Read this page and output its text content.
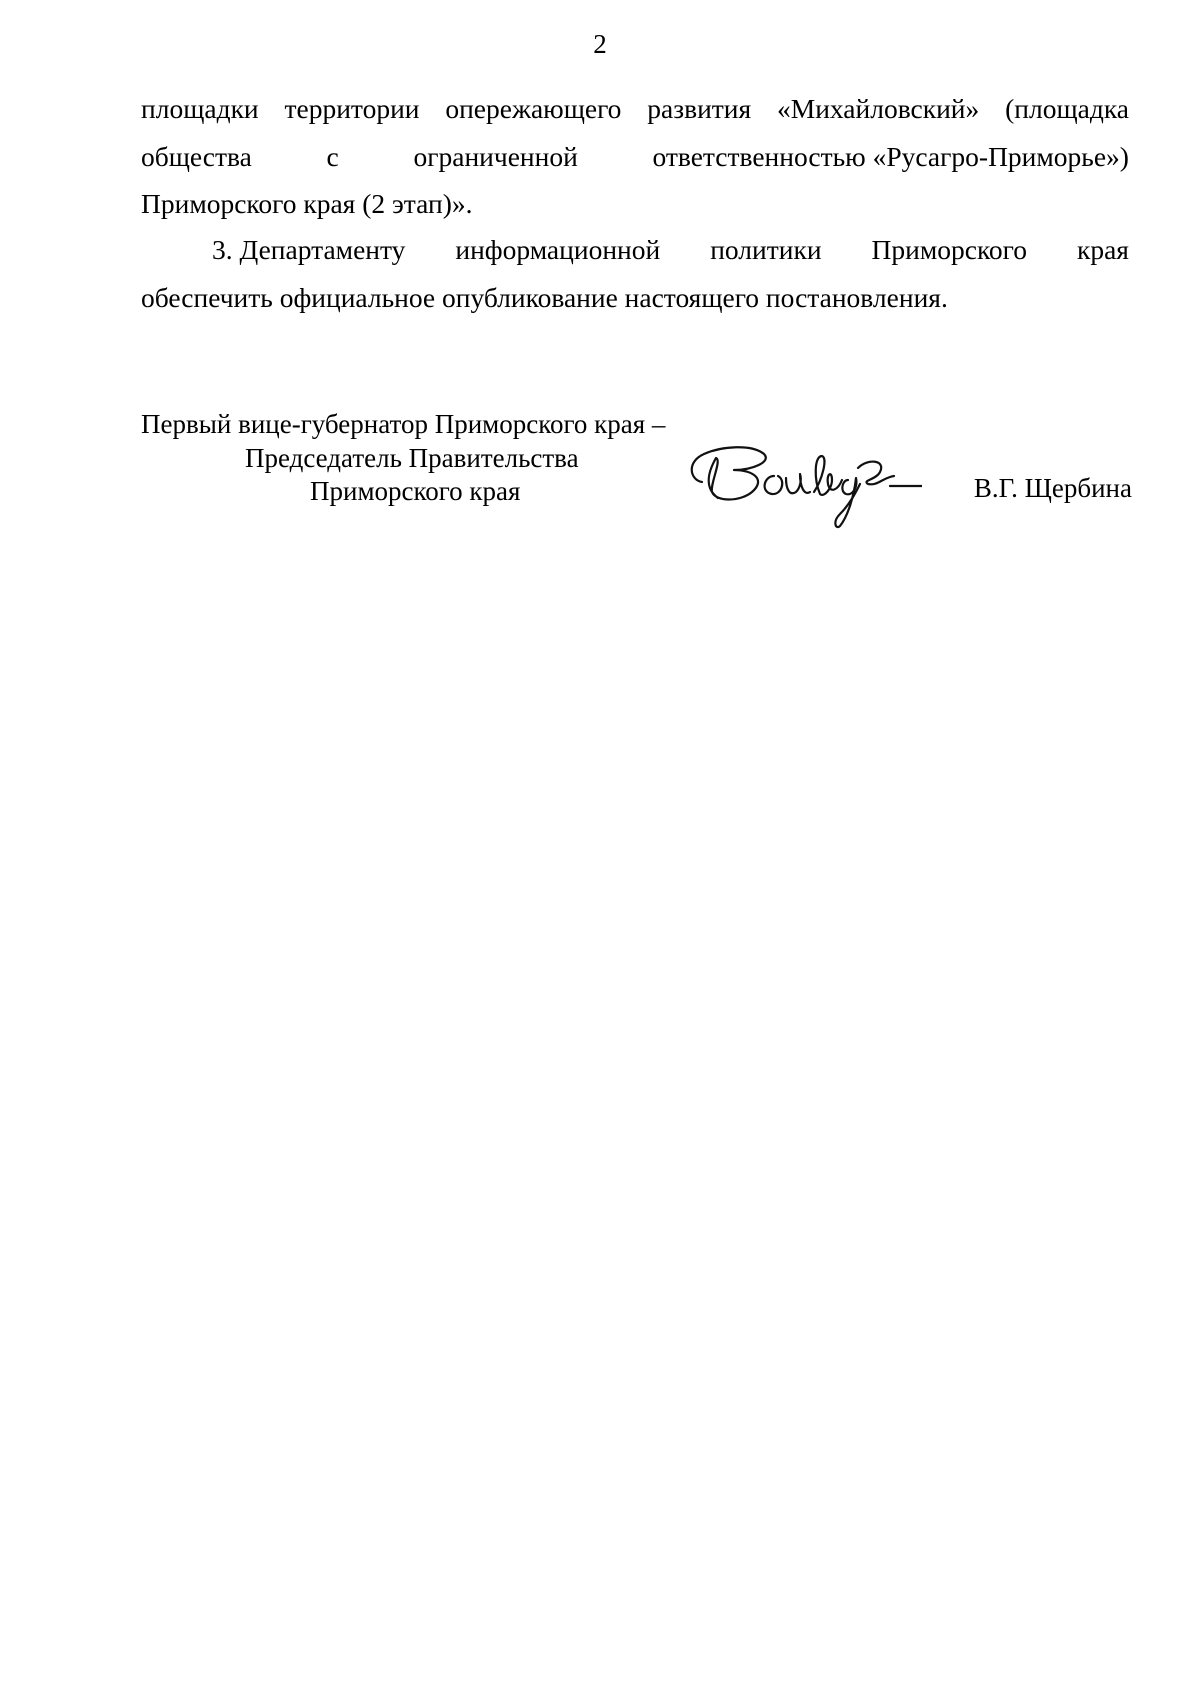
2
площадки территории опережающего развития «Михайловский» (площадка
общества	с	ограниченной	ответственностью «Русагро-Приморье»)
Приморского края (2 этап)».
3. Департаменту информационной политики Приморского края
обеспечить официальное опубликование настоящего постановления.
Первый вице-губернатор Приморского края –
Председатель Правительства
Приморского края	В.Г. Щербина
